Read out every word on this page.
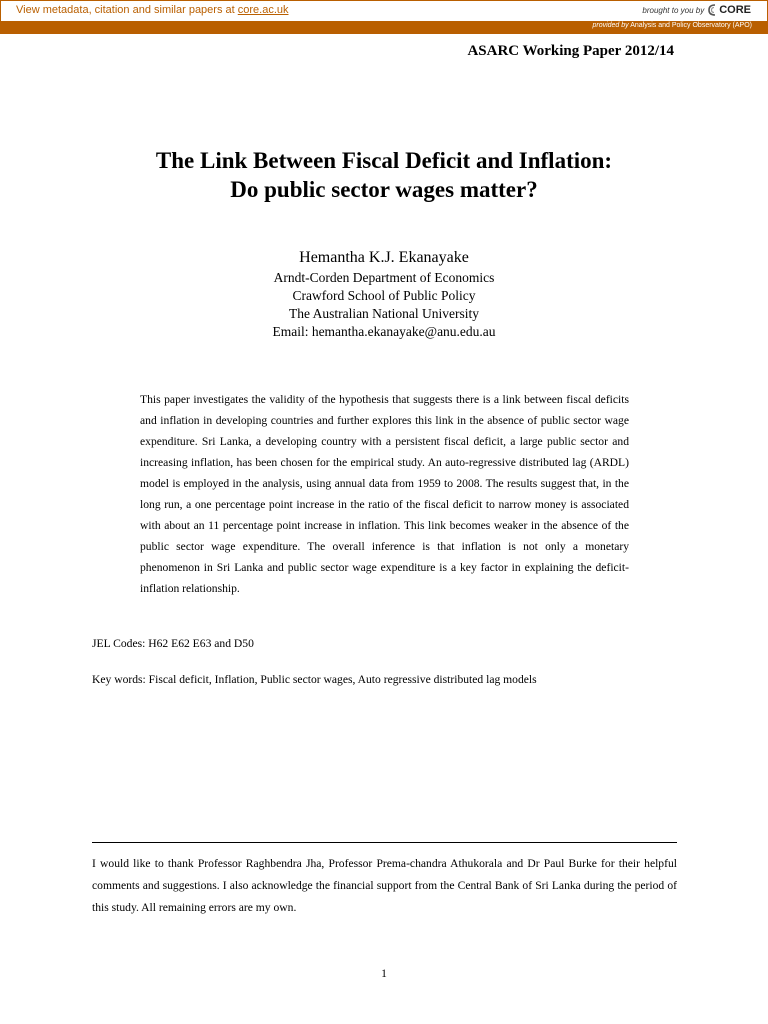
View metadata, citation and similar papers at core.ac.uk	brought to you by CORE
provided by Analysis and Policy Observatory (APO)
ASARC Working Paper 2012/14
The Link Between Fiscal Deficit and Inflation:
Do public sector wages matter?
Hemantha K.J. Ekanayake
Arndt-Corden Department of Economics
Crawford School of Public Policy
The Australian National University
Email: hemantha.ekanayake@anu.edu.au
This paper investigates the validity of the hypothesis that suggests there is a link between fiscal deficits and inflation in developing countries and further explores this link in the absence of public sector wage expenditure. Sri Lanka, a developing country with a persistent fiscal deficit, a large public sector and increasing inflation, has been chosen for the empirical study. An auto-regressive distributed lag (ARDL) model is employed in the analysis, using annual data from 1959 to 2008. The results suggest that, in the long run, a one percentage point increase in the ratio of the fiscal deficit to narrow money is associated with about an 11 percentage point increase in inflation. This link becomes weaker in the absence of the public sector wage expenditure. The overall inference is that inflation is not only a monetary phenomenon in Sri Lanka and public sector wage expenditure is a key factor in explaining the deficit-inflation relationship.
JEL Codes: H62 E62 E63 and D50
Key words: Fiscal deficit, Inflation, Public sector wages, Auto regressive distributed lag models
I would like to thank Professor Raghbendra Jha, Professor Prema-chandra Athukorala and Dr Paul Burke for their helpful comments and suggestions. I also acknowledge the financial support from the Central Bank of Sri Lanka during the period of this study. All remaining errors are my own.
1
